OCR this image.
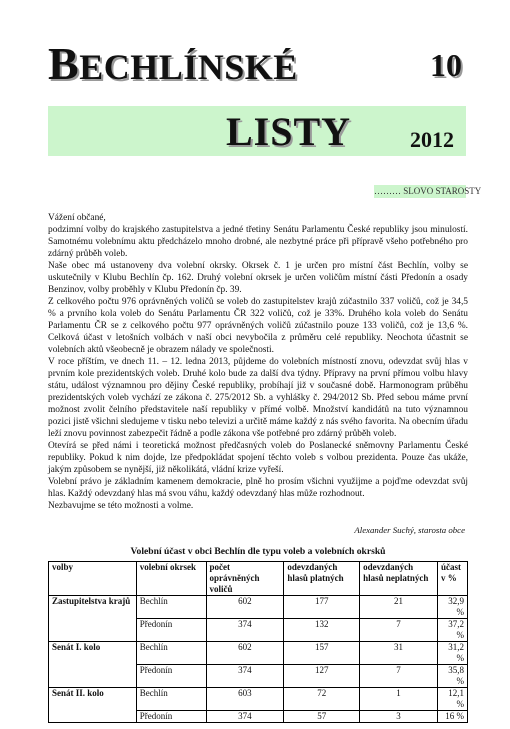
BECHLÍNSKÉ	10
LISTY	2012
……… SLOVO STAROSTY

Vážení občané,

podzimní volby do krajského zastupitelstva a jedné třetiny Senátu Parlamentu České republiky jsou minulostí. Samotnému volebnímu aktu předcházelo mnoho drobné, ale nezbytné práce při přípravě všeho potřebného pro zdárný průběh voleb.

Naše obec má ustanoveny dva volební okrsky. Okrsek č. 1 je určen pro místní část Bechlín, volby se uskutečnily v Klubu Bechlín čp. 162. Druhý volební okrsek je určen voličům místní části Předonín a osady Benzinov, volby proběhly v Klubu Předonín čp. 39.

Z celkového počtu 976 oprávněných voličů se voleb do zastupitelstev krajů zúčastnilo 337 voličů, což je 34,5 % a prvního kola voleb do Senátu Parlamentu ČR 322 voličů, což je 33%. Druhého kola voleb do Senátu Parlamentu ČR se z celkového počtu 977 oprávněných voličů zúčastnilo pouze 133 voličů, což je 13,6 %. Celková účast v letošních volbách v naší obci nevybočila z průměru celé republiky. Neochota účastnit se volebních aktů všeobecně je obrazem nálady ve společnosti.

V roce příštím, ve dnech 11. – 12. ledna 2013, půjdeme do volebních místností znovu, odevzdat svůj hlas v prvním kole prezidentských voleb. Druhé kolo bude za další dva týdny. Přípravy na první přímou volbu hlavy státu, událost významnou pro dějiny České republiky, probíhají již v současné době. Harmonogram průběhu prezidentských voleb vychází ze zákona č. 275/2012 Sb. a vyhlášky č. 294/2012 Sb. Před sebou máme první možnost zvolit čelního představitele naší republiky v přímé volbě. Množství kandidátů na tuto významnou pozici jistě všichni sledujeme v tisku nebo televizi a určitě máme každý z nás svého favorita. Na obecním úřadu leží znovu povinnost zabezpečit řádně a podle zákona vše potřebné pro zdárný průběh voleb.

Otevírá se před námi i teoretická možnost předčasných voleb do Poslanecké sněmovny Parlamentu České republiky. Pokud k nim dojde, lze předpokládat spojení těchto voleb s volbou prezidenta. Pouze čas ukáže, jakým způsobem se nynější, již několikátá, vládní krize vyřeší.

Volební právo je základním kamenem demokracie, plně ho prosím všichni využijme a pojďme odevzdat svůj hlas. Každý odevzdaný hlas má svou váhu, každý odevzdaný hlas může rozhodnout.

Nezbavujme se této možnosti a volme.

Alexander Suchý, starosta obce
Volební účast v obci Bechlín dle typu voleb a volebních okrsků
volby	volební okrsek	počet oprávněných voličů	odevzdaných hlasů platných	odevzdaných hlasů neplatných	účast v %
Zastupitelstva krajů	Bechlín	602	177	21	32,9 %
	Předonín	374	132	7	37,2 %
Senát I. kolo	Bechlín	602	157	31	31,2 %
	Předonín	374	127	7	35,8 %
Senát II. kolo	Bechlín	603	72	1	12,1 %
	Předonín	374	57	3	16 %
